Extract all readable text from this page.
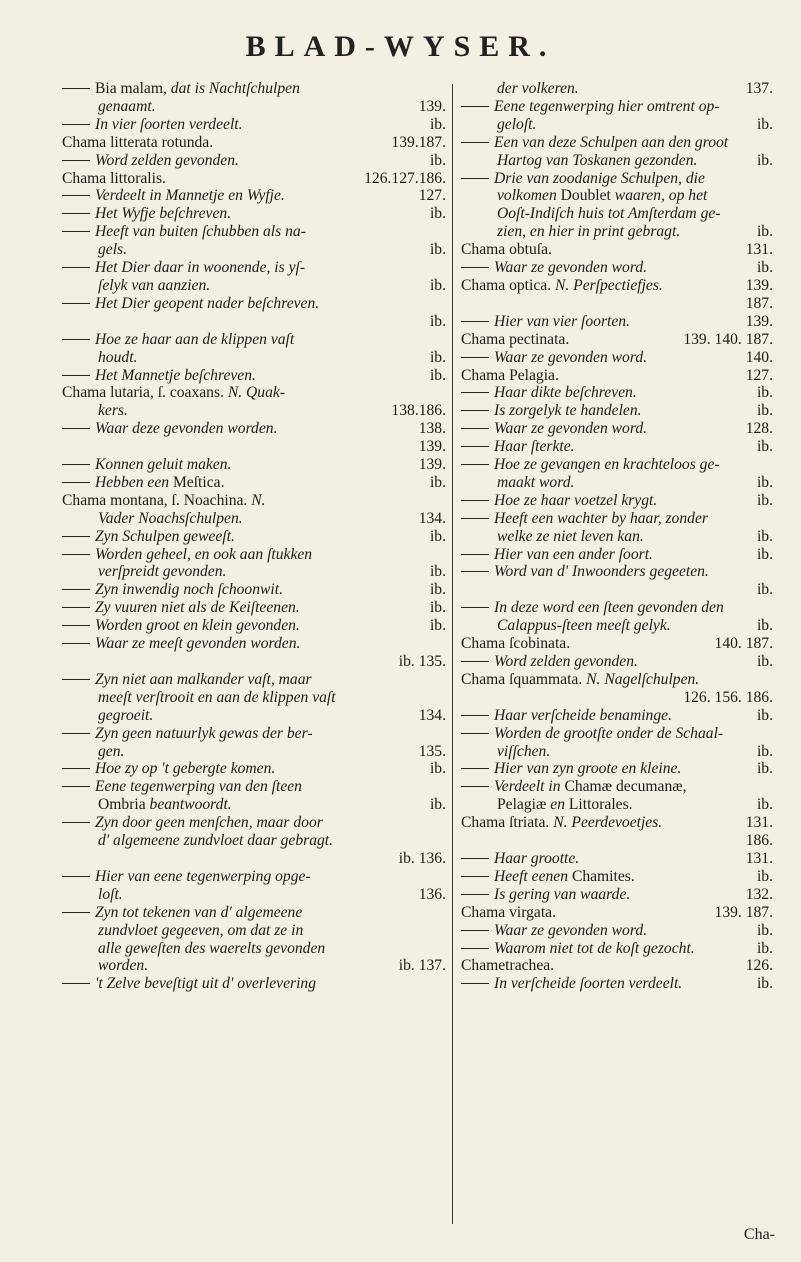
BLAD-WYSER.
Bia malam, dat is Nachtſchulpen
genaamt.	139.
In vier ſoorten verdeelt.	ib.
Chama litterata rotunda.	139.187.
Word zelden gevonden.	ib.
Chama littoralis.	126.127.186.
Verdeelt in Mannetje en Wyfje.	127.
Het Wyfje beſchreven.	ib.
Heeft van buiten ſchubben als na-
gels.	ib.
Het Dier daar in woonende, is yſ-
ſelyk van aanzien.	ib.
Het Dier geopent nader beſchreven.
ib.
Hoe ze haar aan de klippen vaſt
houdt.	ib.
Het Mannetje beſchreven.	ib.
Chama lutaria, ſ. coaxans. N. Quak-
kers.	138.186.
Waar deze gevonden worden.	138.
139.
Konnen geluit maken.	139.
Hebben een Meſtica.	ib.
Chama montana, ſ. Noachina. N.
Vader Noachsſchulpen.	134.
Zyn Schulpen geweeſt.	ib.
Worden geheel, en ook aan ſtukken
verſpreidt gevonden.	ib.
Zyn inwendig noch ſchoonwit.	ib.
Zy vuuren niet als de Keiſteenen.	ib.
Worden groot en klein gevonden.	ib.
Waar ze meeſt gevonden worden.
ib. 135.
Zyn niet aan malkander vaſt, maar
meeſt verſtrooit en aan de klippen vaſt
gegroeit.	134.
Zyn geen natuurlyk gewas der ber-
gen.	135.
Hoe zy op 't gebergte komen.	ib.
Eene tegenwerping van den ſteen
Ombria beantwoordt.	ib.
Zyn door geen menſchen, maar door
d' algemeene zundvloet daar gebragt.
ib. 136.
Hier van eene tegenwerping opge-
loſt.	136.
Zyn tot tekenen van d' algemeene
zundvloet gegeeven, om dat ze in
alle geweſten des waerelts gevonden
worden.	ib. 137.
't Zelve beveſtigt uit d' overlevering
der volkeren.	137.
Eene tegenwerping hier omtrent op-
geloſt.	ib.
Een van deze Schulpen aan den groot
Hartog van Toskanen gezonden.	ib.
Drie van zoodanige Schulpen, die
volkomen Doublet waaren, op het
Ooſt-Indiſch huis tot Amſterdam ge-
zien, en hier in print gebragt.	ib.
Chama obtuſa.	131.
Waar ze gevonden word.	ib.
Chama optica. N. Perſpectiefjes.	139.
187.
Hier van vier ſoorten.	139.
Chama pectinata.	139. 140. 187.
Waar ze gevonden word.	140.
Chama Pelagia.	127.
Haar dikte beſchreven.	ib.
Is zorgelyk te handelen.	ib.
Waar ze gevonden word.	128.
Haar ſterkte.	ib.
Hoe ze gevangen en krachteloos ge-
maakt word.	ib.
Hoe ze haar voetzel krygt.	ib.
Heeft een wachter by haar, zonder
welke ze niet leven kan.	ib.
Hier van een ander ſoort.	ib.
Word van d' Inwoonders gegeeten.
ib.
In deze word een ſteen gevonden den
Calappus-ſteen meeſt gelyk.	ib.
Chama ſcobinata.	140. 187.
Word zelden gevonden.	ib.
Chama ſquammata. N. Nagelſchulpen.
126. 156. 186.
Haar verſcheide benaminge.	ib.
Worden de grootſte onder de Schaal-
viſſchen.	ib.
Hier van zyn groote en kleine.	ib.
Verdeelt in Chamæ decumanæ,
Pelagiæ en Littorales.	ib.
Chama ſtriata. N. Peerdevoetjes.	131.
186.
Haar grootte.	131.
Heeft eenen Chamites.	ib.
Is gering van waarde.	132.
Chama virgata.	139. 187.
Waar ze gevonden word.	ib.
Waarom niet tot de koſt gezocht.	ib.
Chametrachea.	126.
In verſcheide ſoorten verdeelt.	ib.
Cha-
